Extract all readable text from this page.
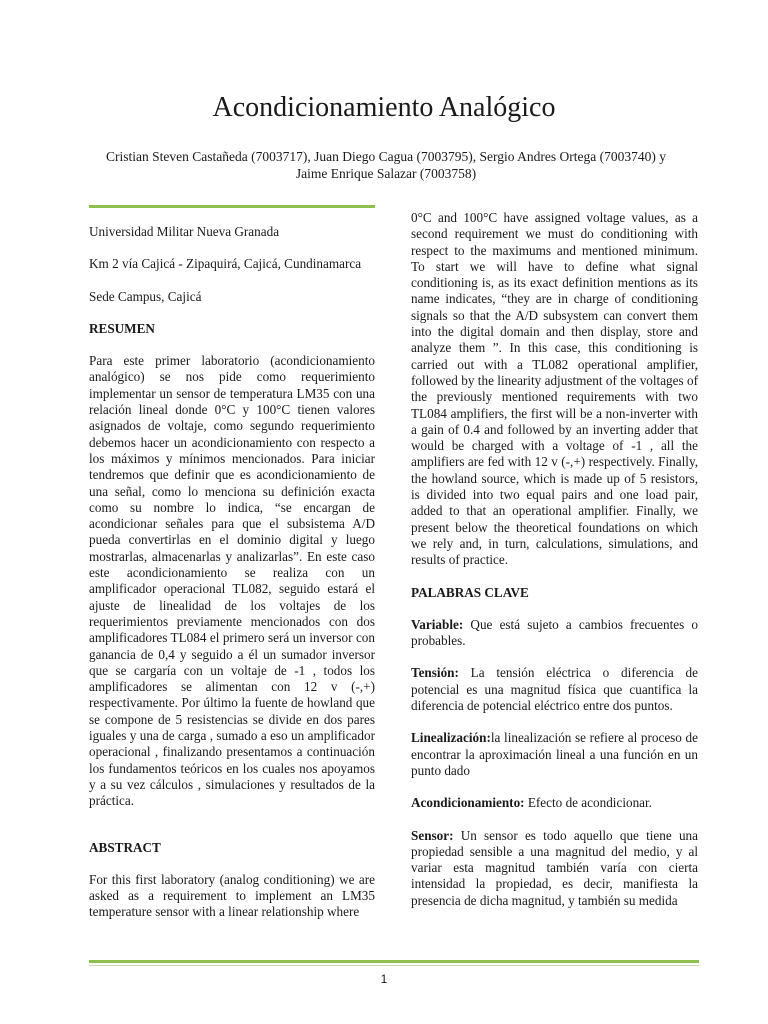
Acondicionamiento Analógico
Cristian Steven Castañeda (7003717), Juan Diego Cagua (7003795), Sergio Andres Ortega (7003740) y Jaime Enrique Salazar (7003758)

Universidad Militar Nueva Granada

Km 2 vía Cajicá - Zipaquirá, Cajicá, Cundinamarca

Sede Campus, Cajicá

RESUMEN

Para este primer laboratorio (acondicionamiento analógico) se nos pide como requerimiento implementar un sensor de temperatura LM35 con una relación lineal donde 0°C y 100°C tienen valores asignados de voltaje, como segundo requerimiento debemos hacer un acondicionamiento con respecto a los máximos y mínimos mencionados. Para iniciar tendremos que definir que es acondicionamiento de una señal, como lo menciona su definición exacta como su nombre lo indica, “se encargan de acondicionar señales para que el subsistema A/D pueda convertirlas en el dominio digital y luego mostrarlas, almacenarlas y analizarlas”. En este caso este acondicionamiento se realiza con un amplificador operacional TL082, seguido estará el ajuste de linealidad de los voltajes de los requerimientos previamente mencionados con dos amplificadores TL084 el primero será un inversor con ganancia de 0,4 y seguido a él un sumador inversor que se cargaría con un voltaje de -1 , todos los amplificadores se alimentan con 12 v (-,+) respectivamente. Por último la fuente de howland que se compone de 5 resistencias se divide en dos pares iguales y una de carga , sumado a eso un amplificador operacional , finalizando presentamos a continuación los fundamentos teóricos en los cuales nos apoyamos y a su vez cálculos , simulaciones y resultados de la práctica.

ABSTRACT

For this first laboratory (analog conditioning) we are asked as a requirement to implement an LM35 temperature sensor with a linear relationship where

0°C and 100°C have assigned voltage values, as a second requirement we must do conditioning with respect to the maximums and mentioned minimum. To start we will have to define what signal conditioning is, as its exact definition mentions as its name indicates, “they are in charge of conditioning signals so that the A/D subsystem can convert them into the digital domain and then display, store and analyze them ”. In this case, this conditioning is carried out with a TL082 operational amplifier, followed by the linearity adjustment of the voltages of the previously mentioned requirements with two TL084 amplifiers, the first will be a non-inverter with a gain of 0.4 and followed by an inverting adder that would be charged with a voltage of -1 , all the amplifiers are fed with 12 v (-,+) respectively. Finally, the howland source, which is made up of 5 resistors, is divided into two equal pairs and one load pair, added to that an operational amplifier. Finally, we present below the theoretical foundations on which we rely and, in turn, calculations, simulations, and results of practice.

PALABRAS CLAVE

Variable: Que está sujeto a cambios frecuentes o probables.

Tensión: La tensión eléctrica o diferencia de potencial es una magnitud física que cuantifica la diferencia de potencial eléctrico entre dos puntos.

Linealización:la linealización se refiere al proceso de encontrar la aproximación lineal a una función en un punto dado

Acondicionamiento: Efecto de acondicionar.

Sensor: Un sensor es todo aquello que tiene una propiedad sensible a una magnitud del medio, y al variar esta magnitud también varía con cierta intensidad la propiedad, es decir, manifiesta la presencia de dicha magnitud, y también su medida

1
